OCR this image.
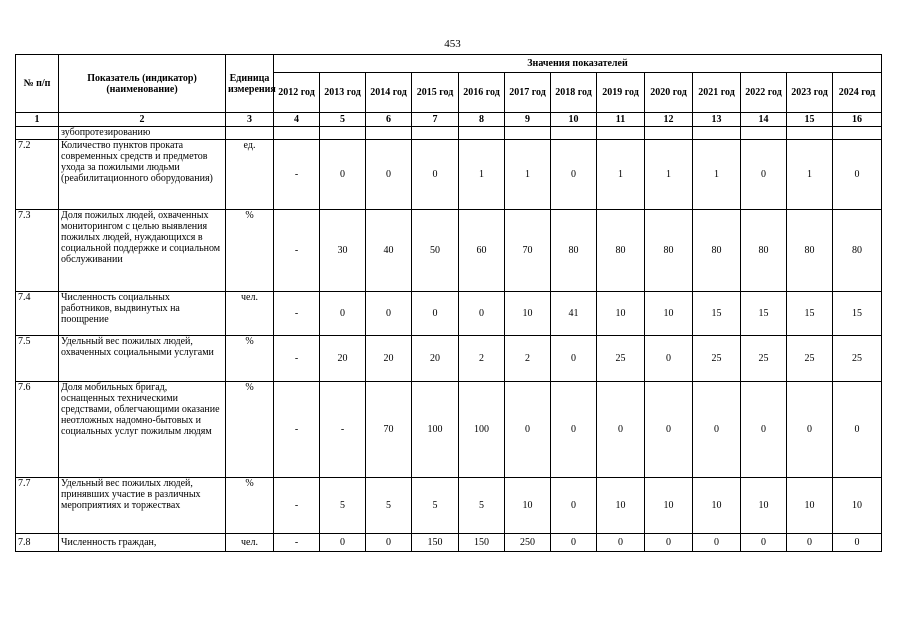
453
№ п/п	Показатель (индикатор) (наименование)	Единица измерения	Значения показателей												
			2012 год	2013 год	2014 год	2015 год	2016 год	2017 год	2018 год	2019 год	2020 год	2021 год	2022 год	2023 год	2024 год
1	2	3	4	5	6	7	8	9	10	11	12	13	14	15	16
	зубопротезированию														
7.2	Количество пунктов проката современных средств и предметов ухода за пожилыми людьми (реабилитационного оборудования)	ед.	-	0	0	0	1	1	0	1	1	1	0	1	0
7.3	Доля пожилых людей, охваченных мониторингом с целью выявления пожилых людей, нуждающихся в социальной поддержке и социальном обслуживании	%	-	30	40	50	60	70	80	80	80	80	80	80	80
7.4	Численность социальных работников, выдвинутых на поощрение	чел.	-	0	0	0	0	10	41	10	10	15	15	15	15
7.5	Удельный вес пожилых людей, охваченных социальными услугами	%	-	20	20	20	2	2	0	25	0	25	25	25	25
7.6	Доля мобильных бригад, оснащенных техническими средствами, облегчающими оказание неотложных надомно-бытовых и социальных услуг пожилым людям	%	-	-	70	100	100	0	0	0	0	0	0	0	0
7.7	Удельный вес пожилых людей, принявших участие в различных мероприятиях и торжествах	%	-	5	5	5	5	10	0	10	10	10	10	10	10
7.8	Численность граждан,	чел.	-	0	0	150	150	250	0	0	0	0	0	0	0
